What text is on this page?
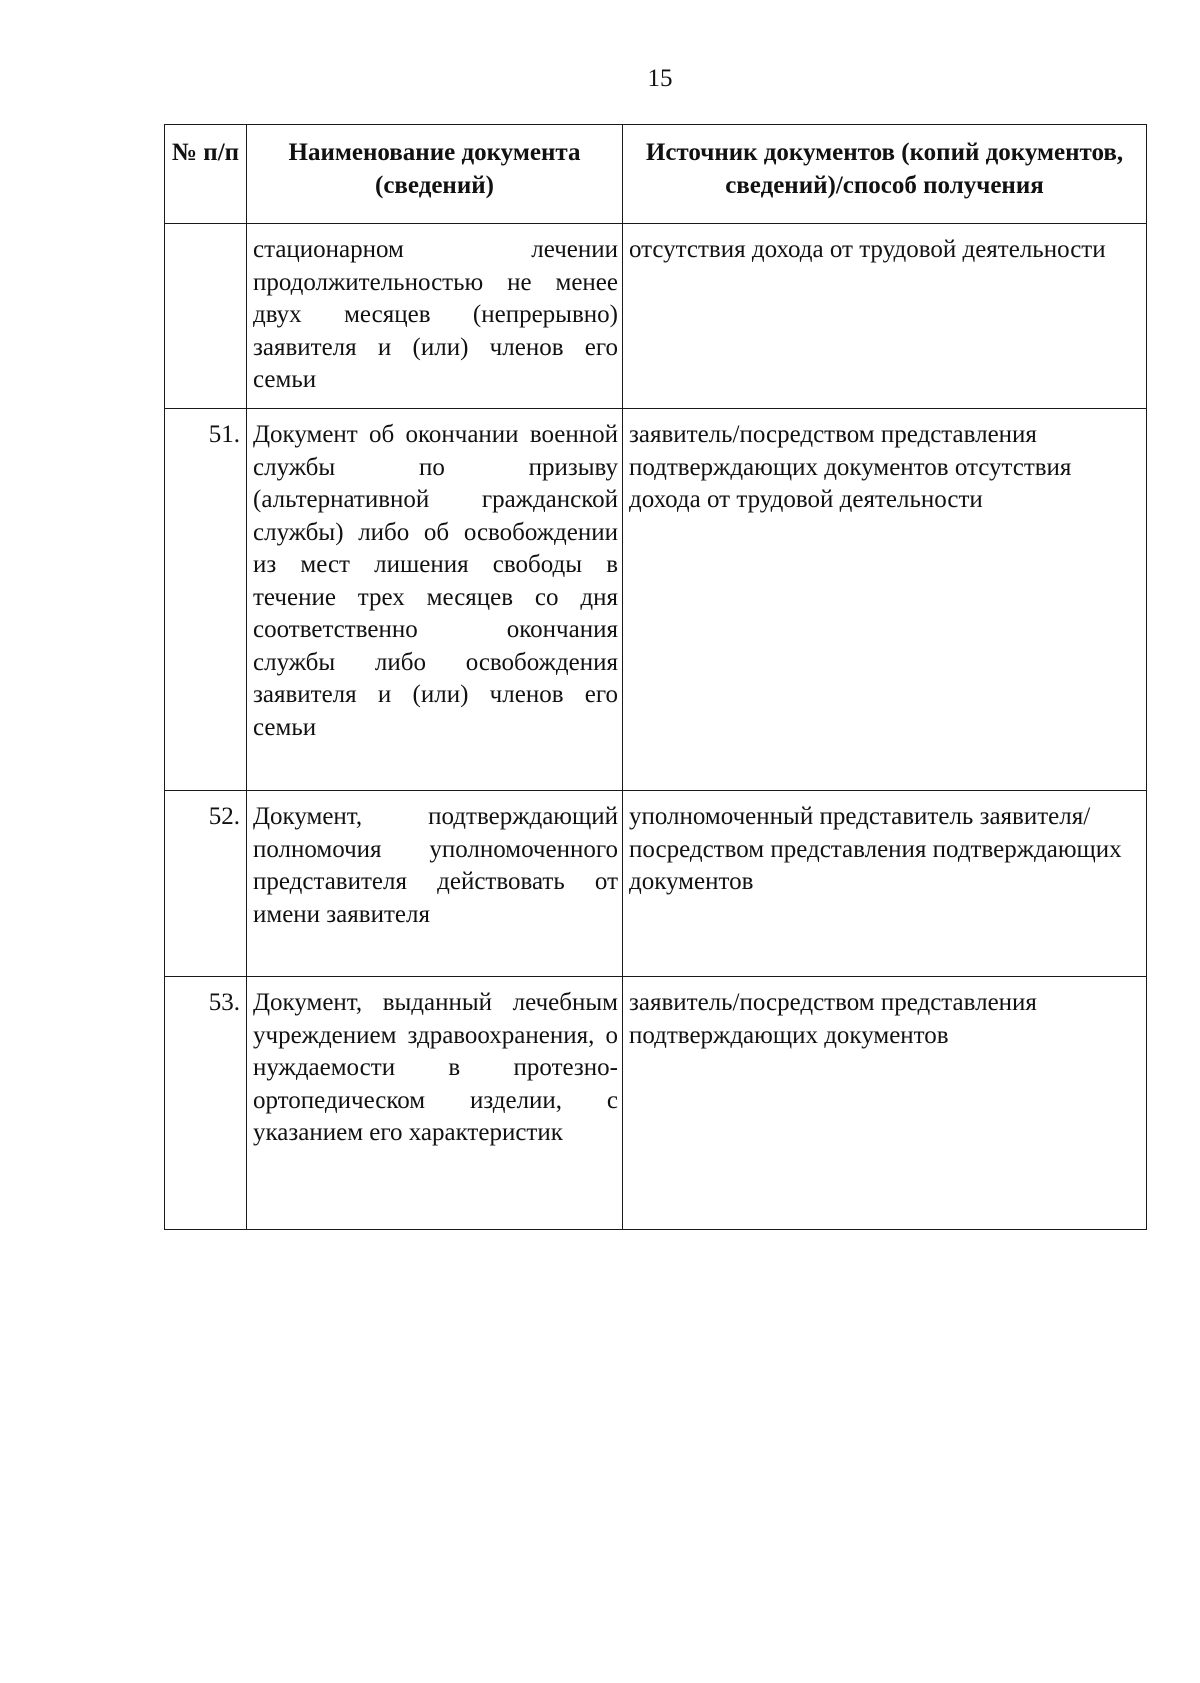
15
№ п/п	Наименование документа (сведений)	Источник документов (копий документов, сведений)/способ получения
	стационарном лечении продолжительностью не менее двух месяцев (непрерывно) заявителя и (или) членов его семьи	отсутствия дохода от трудовой деятельности
51.	Документ об окончании военной службы по призыву (альтернативной гражданской службы) либо об освобождении из мест лишения свободы в течение трех месяцев со дня соответственно окончания службы либо освобождения заявителя и (или) членов его семьи	заявитель/посредством представления подтверждающих документов отсутствия дохода от трудовой деятельности
52.	Документ, подтверждающий полномочия уполномоченного представителя действовать от имени заявителя	уполномоченный представитель заявителя/посредством представления подтверждающих документов
53.	Документ, выданный лечебным учреждением здравоохранения, о нуждаемости в протезно-ортопедическом изделии, с указанием его характеристик	заявитель/посредством представления подтверждающих документов
